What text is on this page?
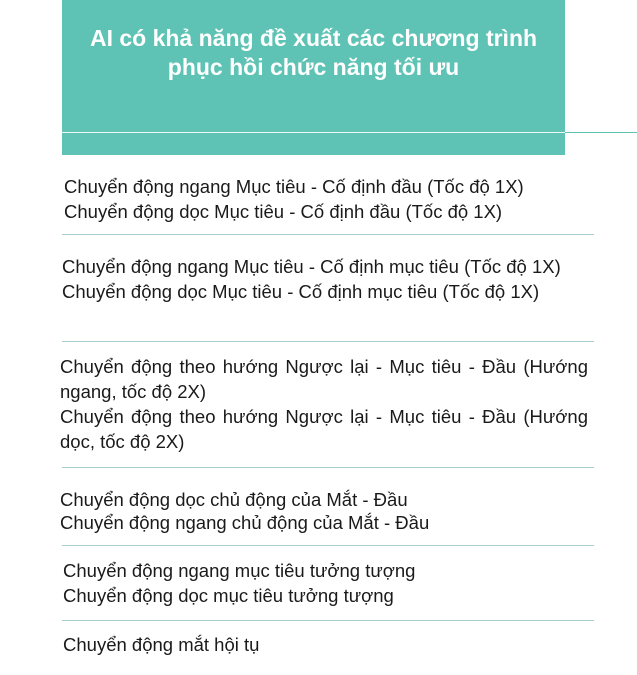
AI có khả năng đề xuất các chương trình phục hồi chức năng tối ưu

Chuyển động ngang Mục tiêu - Cố định đầu (Tốc độ 1X)

Chuyển động dọc Mục tiêu - Cố định đầu (Tốc độ 1X)

Chuyển động ngang Mục tiêu - Cố định mục tiêu (Tốc độ 1X)

Chuyển động dọc Mục tiêu - Cố định mục tiêu (Tốc độ 1X)

Chuyển động theo hướng Ngược lại - Mục tiêu - Đầu (Hướng ngang, tốc độ 2X)

Chuyển động theo hướng Ngược lại - Mục tiêu - Đầu (Hướng dọc, tốc độ 2X)

Chuyển động dọc chủ động của Mắt - Đầu

Chuyển động ngang chủ động của Mắt - Đầu

Chuyển động ngang mục tiêu tưởng tượng

Chuyển động dọc mục tiêu tưởng tượng

Chuyển động mắt hội tụ
